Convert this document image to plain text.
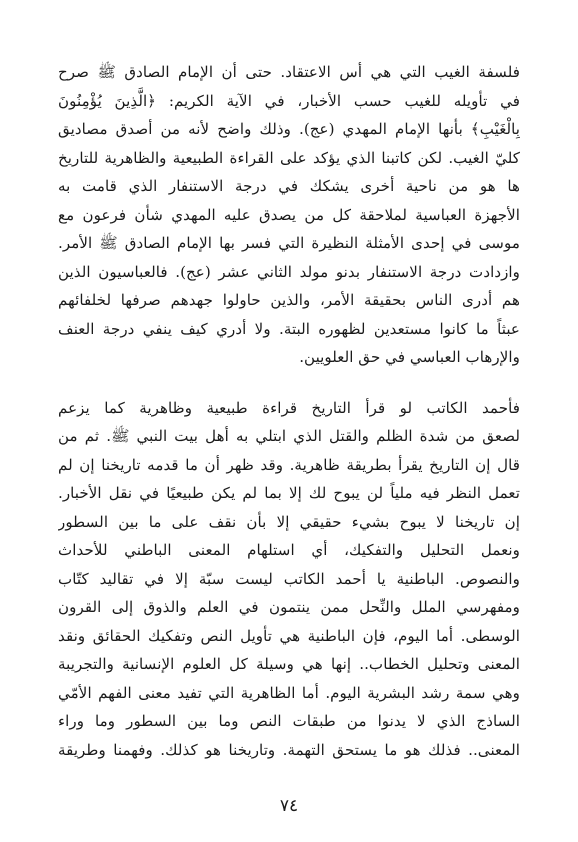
فلسفة الغيب التي هي أس الاعتقاد. حتى أن الإمام الصادق ﷺ صرح
في تأويله للغيب حسب الأخبار، في الآية الكريم: ﴿الَّذِينَ يُؤْمِنُونَ
بِالْغَيْبِ﴾ بأنها الإمام المهدي (عج). وذلك واضح لأنه من أصدق مصاديق
كليّ الغيب. لكن كاتبنا الذي يؤكد على القراءة الطبيعية والظاهرية للتاريخ
ها هو من ناحية أخرى يشكك في درجة الاستنفار الذي قامت به
الأجهزة العباسية لملاحقة كل من يصدق عليه المهدي شأن فرعون مع
موسى في إحدى الأمثلة النظيرة التي فسر بها الإمام الصادق ﷺ الأمر.
وازدادت درجة الاستنفار بدنو مولد الثاني عشر (عج). فالعباسيون الذين
هم أدرى الناس بحقيقة الأمر، والذين حاولوا جهدهم صرفها لخلفائهم
عبثاً ما كانوا مستعدين لظهوره البتة. ولا أدري كيف ينفي درجة العنف
والإرهاب العباسي في حق العلويين.
فأحمد الكاتب لو قرأ التاريخ قراءة طبيعية وظاهرية كما يزعم
لصعق من شدة الظلم والقتل الذي ابتلي به أهل بيت النبي ﷺ. ثم من
قال إن التاريخ يقرأ بطريقة ظاهرية. وقد ظهر أن ما قدمه تاريخنا إن لم
تعمل النظر فيه ملياً لن يبوح لك إلا بما لم يكن طبيعيًا في نقل الأخبار.
إن تاريخنا لا يبوح بشيء حقيقي إلا بأن نقف على ما بين السطور
ونعمل التحليل والتفكيك، أي استلهام المعنى الباطني للأحداث
والنصوص. الباطنية يا أحمد الكاتب ليست سبّة إلا في تقاليد كتّاب
ومفهرسي الملل والنِّحل ممن ينتمون في العلم والذوق إلى القرون
الوسطى. أما اليوم، فإن الباطنية هي تأويل النص وتفكيك الحقائق ونقد
المعنى وتحليل الخطاب.. إنها هي وسيلة كل العلوم الإنسانية والتجريبة
وهي سمة رشد البشرية اليوم. أما الظاهرية التي تفيد معنى الفهم الأمّي
الساذج الذي لا يدنوا من طبقات النص وما بين السطور وما وراء
المعنى.. فذلك هو ما يستحق التهمة. وتاريخنا هو كذلك. وفهمنا وطريقة
٧٤
